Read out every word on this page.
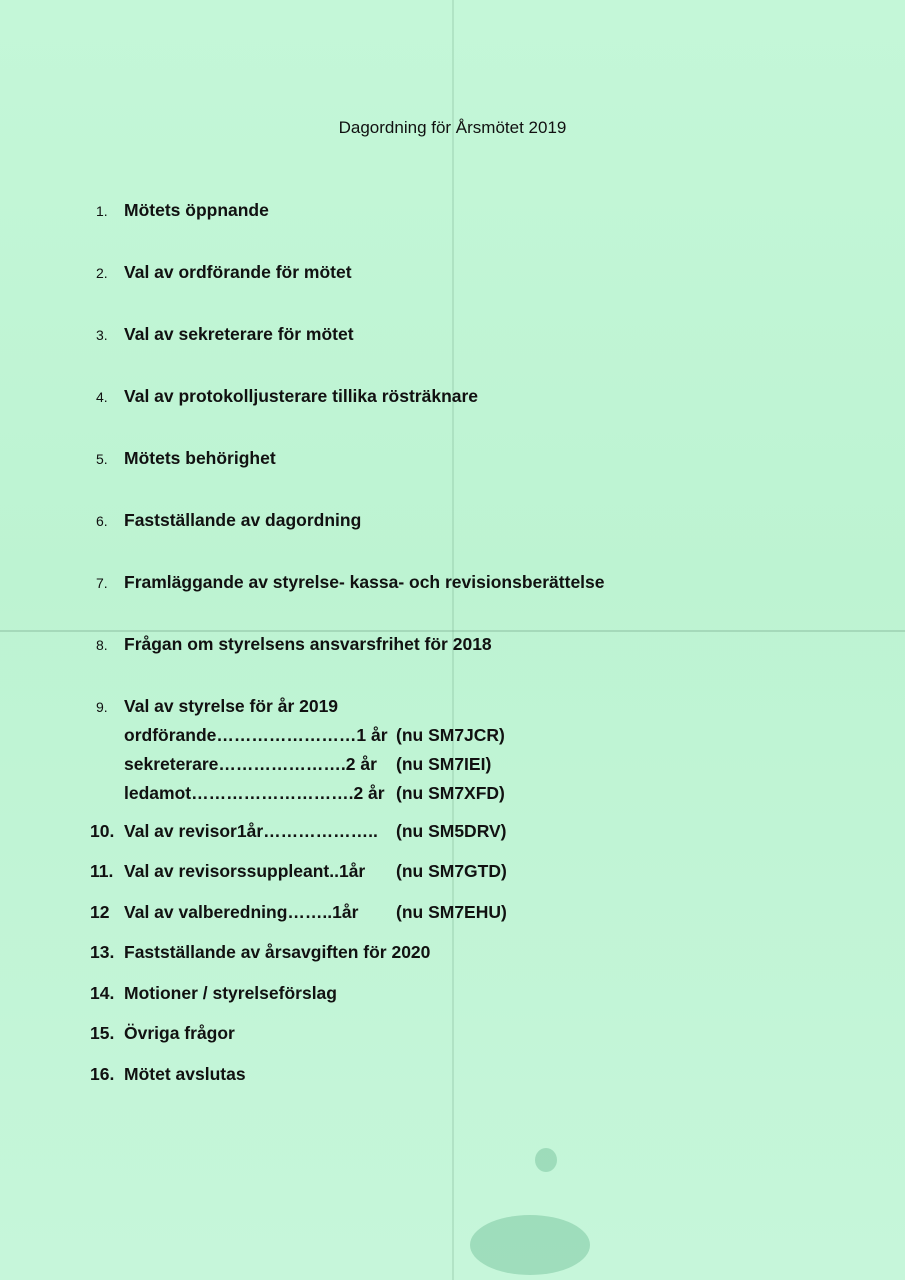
Dagordning för Årsmötet 2019
1. Mötets öppnande
2. Val av ordförande för mötet
3. Val av sekreterare för mötet
4. Val av protokolljusterare tillika rösträknare
5. Mötets behörighet
6. Fastställande av dagordning
7. Framläggande av styrelse- kassa- och revisionsberättelse
8. Frågan om styrelsens ansvarsfrihet för 2018
9. Val av styrelse för år 2019
ordförande……………………1 år (nu SM7JCR)
sekreterare………………….2 år (nu SM7IEI)
ledamot……………………….2 år (nu SM7XFD)
10. Val av revisor1år……………….. (nu SM5DRV)
11. Val av revisorssuppleant..1år (nu SM7GTD)
12 Val av valberedning……..1år (nu SM7EHU)
13. Fastställande av årsavgiften för 2020
14. Motioner / styrelseförslag
15. Övriga frågor
16. Mötet avslutas
